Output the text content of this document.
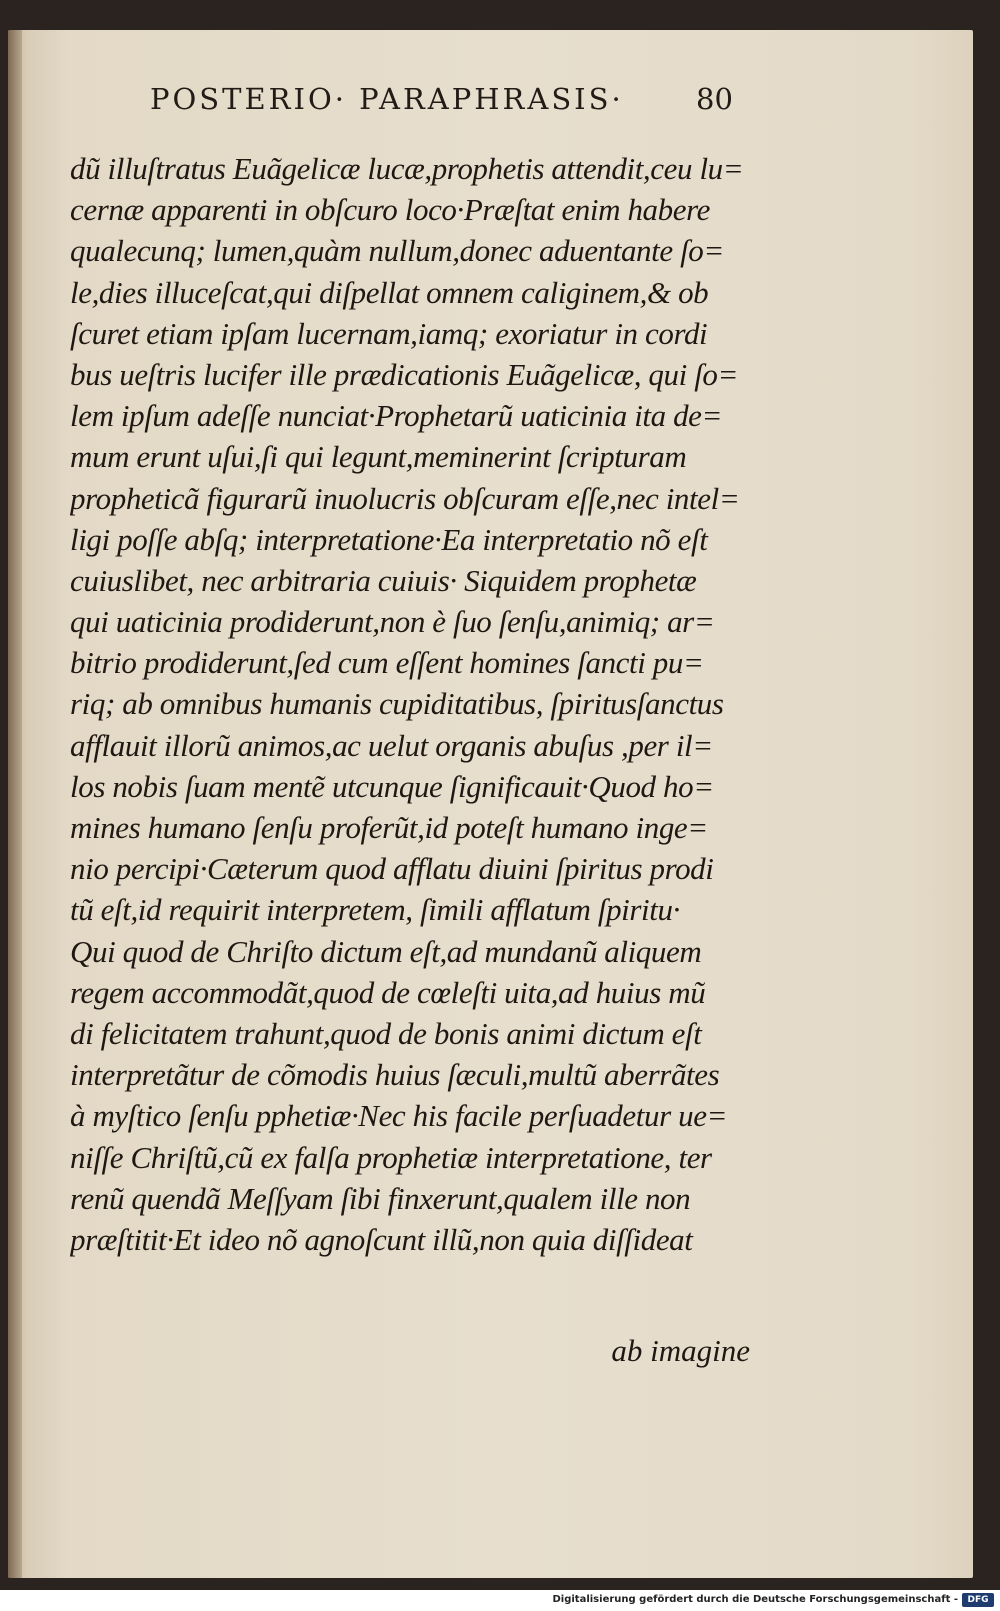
POSTERIO· PARAPHRASIS·	80
dũ illuſtratus Euãgelicæ lucæ,prophetis attendit,ceu lu=
cernæ apparenti in obſcuro loco·Præſtat enim habere
qualecunq; lumen,quàm nullum,donec aduentante ſo=
le,dies illuceſcat,qui diſpellat omnem caliginem,& ob
ſcuret etiam ipſam lucernam,iamq; exoriatur in cordi
bus ueſtris lucifer ille prædicationis Euãgelicæ, qui ſo=
lem ipſum adeſſe nunciat·Prophetarũ uaticinia ita de=
mum erunt uſui,ſi qui legunt,meminerint ſcripturam
propheticã figurarũ inuolucris obſcuram eſſe,nec intel=
ligi poſſe abſq; interpretatione·Ea interpretatio nõ eſt
cuiuslibet, nec arbitraria cuiuis· Siquidem prophetæ
qui uaticinia prodiderunt,non è ſuo ſenſu,animiq; ar=
bitrio prodiderunt,ſed cum eſſent homines ſancti pu=
riq; ab omnibus humanis cupiditatibus, ſpiritusſanctus
afflauit illorũ animos,ac uelut organis abuſus ,per il=
los nobis ſuam mentẽ utcunque ſignificauit·Quod ho=
mines humano ſenſu proferũt,id poteſt humano inge=
nio percipi·Cæterum quod afflatu diuini ſpiritus prodi
tũ eſt,id requirit interpretem, ſimili afflatum ſpiritu·
Qui quod de Chriſto dictum eſt,ad mundanũ aliquem
regem accommodãt,quod de cœleſti uita,ad huius mũ
di felicitatem trahunt,quod de bonis animi dictum eſt
interpretãtur de cõmodis huius ſæculi,multũ aberrãtes
à myſtico ſenſu pphetiæ·Nec his facile perſuadetur ue=
niſſe Chriſtũ,cũ ex falſa prophetiæ interpretatione, ter
renũ quendã Meſſyam ſibi finxerunt,qualem ille non
præſtitit·Et ideo nõ agnoſcunt illũ,non quia diſſideat
ab imagine
Digitalisierung gefördert durch die Deutsche Forschungsgemeinschaft -	DFG
